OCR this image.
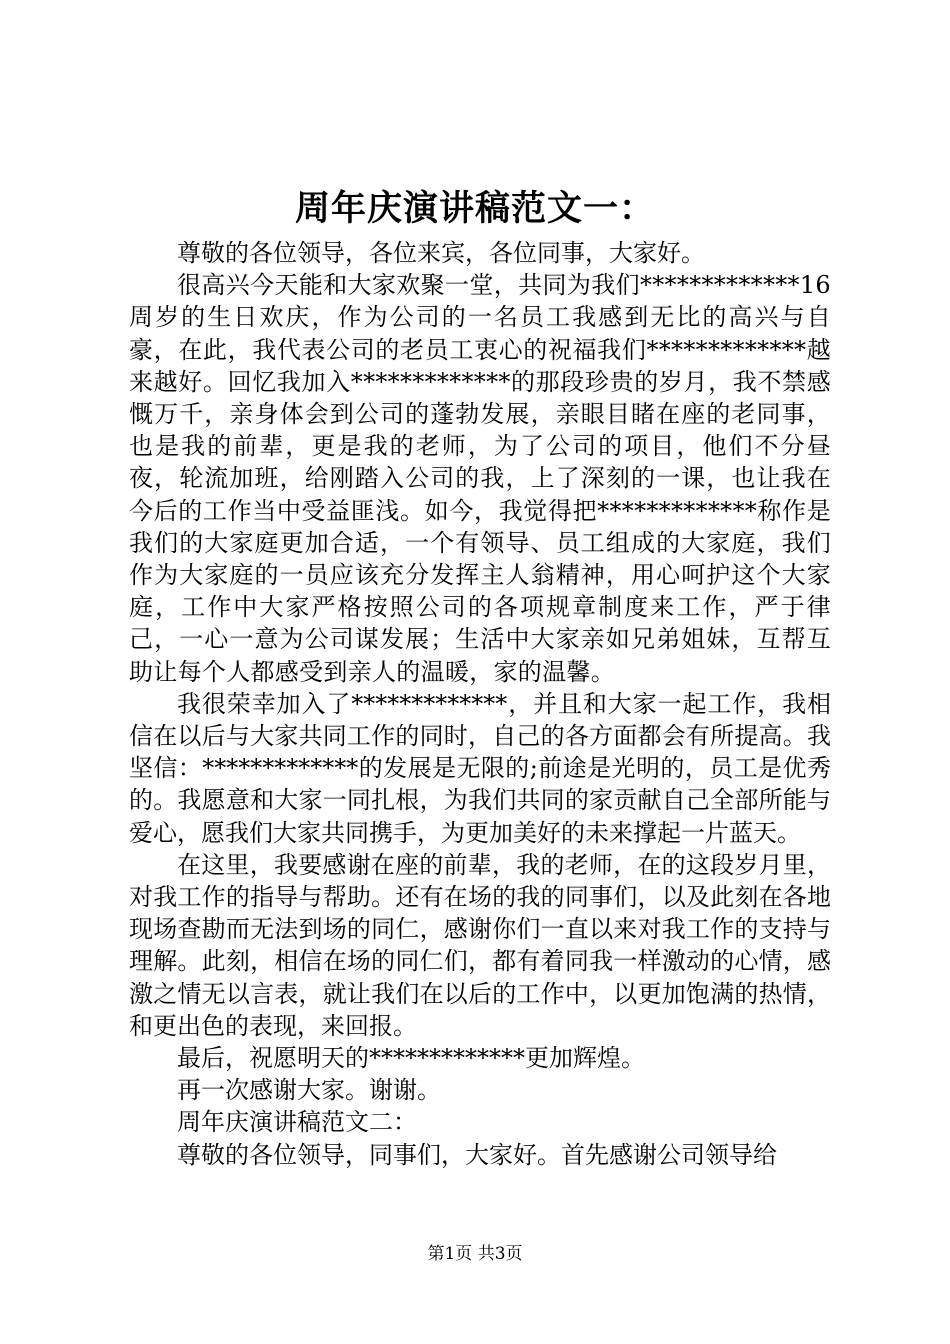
周年庆演讲稿范文一：

尊敬的各位领导，各位来宾，各位同事，大家好。

很高兴今天能和大家欢聚一堂，共同为我们*************16周岁的生日欢庆，作为公司的一名员工我感到无比的高兴与自豪，在此，我代表公司的老员工衷心的祝福我们*************越来越好。回忆我加入*************的那段珍贵的岁月，我不禁感慨万千，亲身体会到公司的蓬勃发展，亲眼目睹在座的老同事，也是我的前辈，更是我的老师，为了公司的项目，他们不分昼夜，轮流加班，给刚踏入公司的我，上了深刻的一课，也让我在今后的工作当中受益匪浅。如今，我觉得把*************称作是我们的大家庭更加合适，一个有领导、员工组成的大家庭，我们作为大家庭的一员应该充分发挥主人翁精神，用心呵护这个大家庭，工作中大家严格按照公司的各项规章制度来工作，严于律己，一心一意为公司谋发展；生活中大家亲如兄弟姐妹，互帮互助让每个人都感受到亲人的温暖，家的温馨。

我很荣幸加入了*************，并且和大家一起工作，我相信在以后与大家共同工作的同时，自己的各方面都会有所提高。我坚信：*************的发展是无限的;前途是光明的，员工是优秀的。我愿意和大家一同扎根，为我们共同的家贡献自己全部所能与爱心，愿我们大家共同携手，为更加美好的未来撑起一片蓝天。

在这里，我要感谢在座的前辈，我的老师，在的这段岁月里，对我工作的指导与帮助。还有在场的我的同事们，以及此刻在各地现场查勘而无法到场的同仁，感谢你们一直以来对我工作的支持与理解。此刻，相信在场的同仁们，都有着同我一样激动的心情，感激之情无以言表，就让我们在以后的工作中，以更加饱满的热情，和更出色的表现，来回报。

最后，祝愿明天的*************更加辉煌。

再一次感谢大家。谢谢。

周年庆演讲稿范文二：

尊敬的各位领导，同事们，大家好。首先感谢公司领导给

第1页 共3页
